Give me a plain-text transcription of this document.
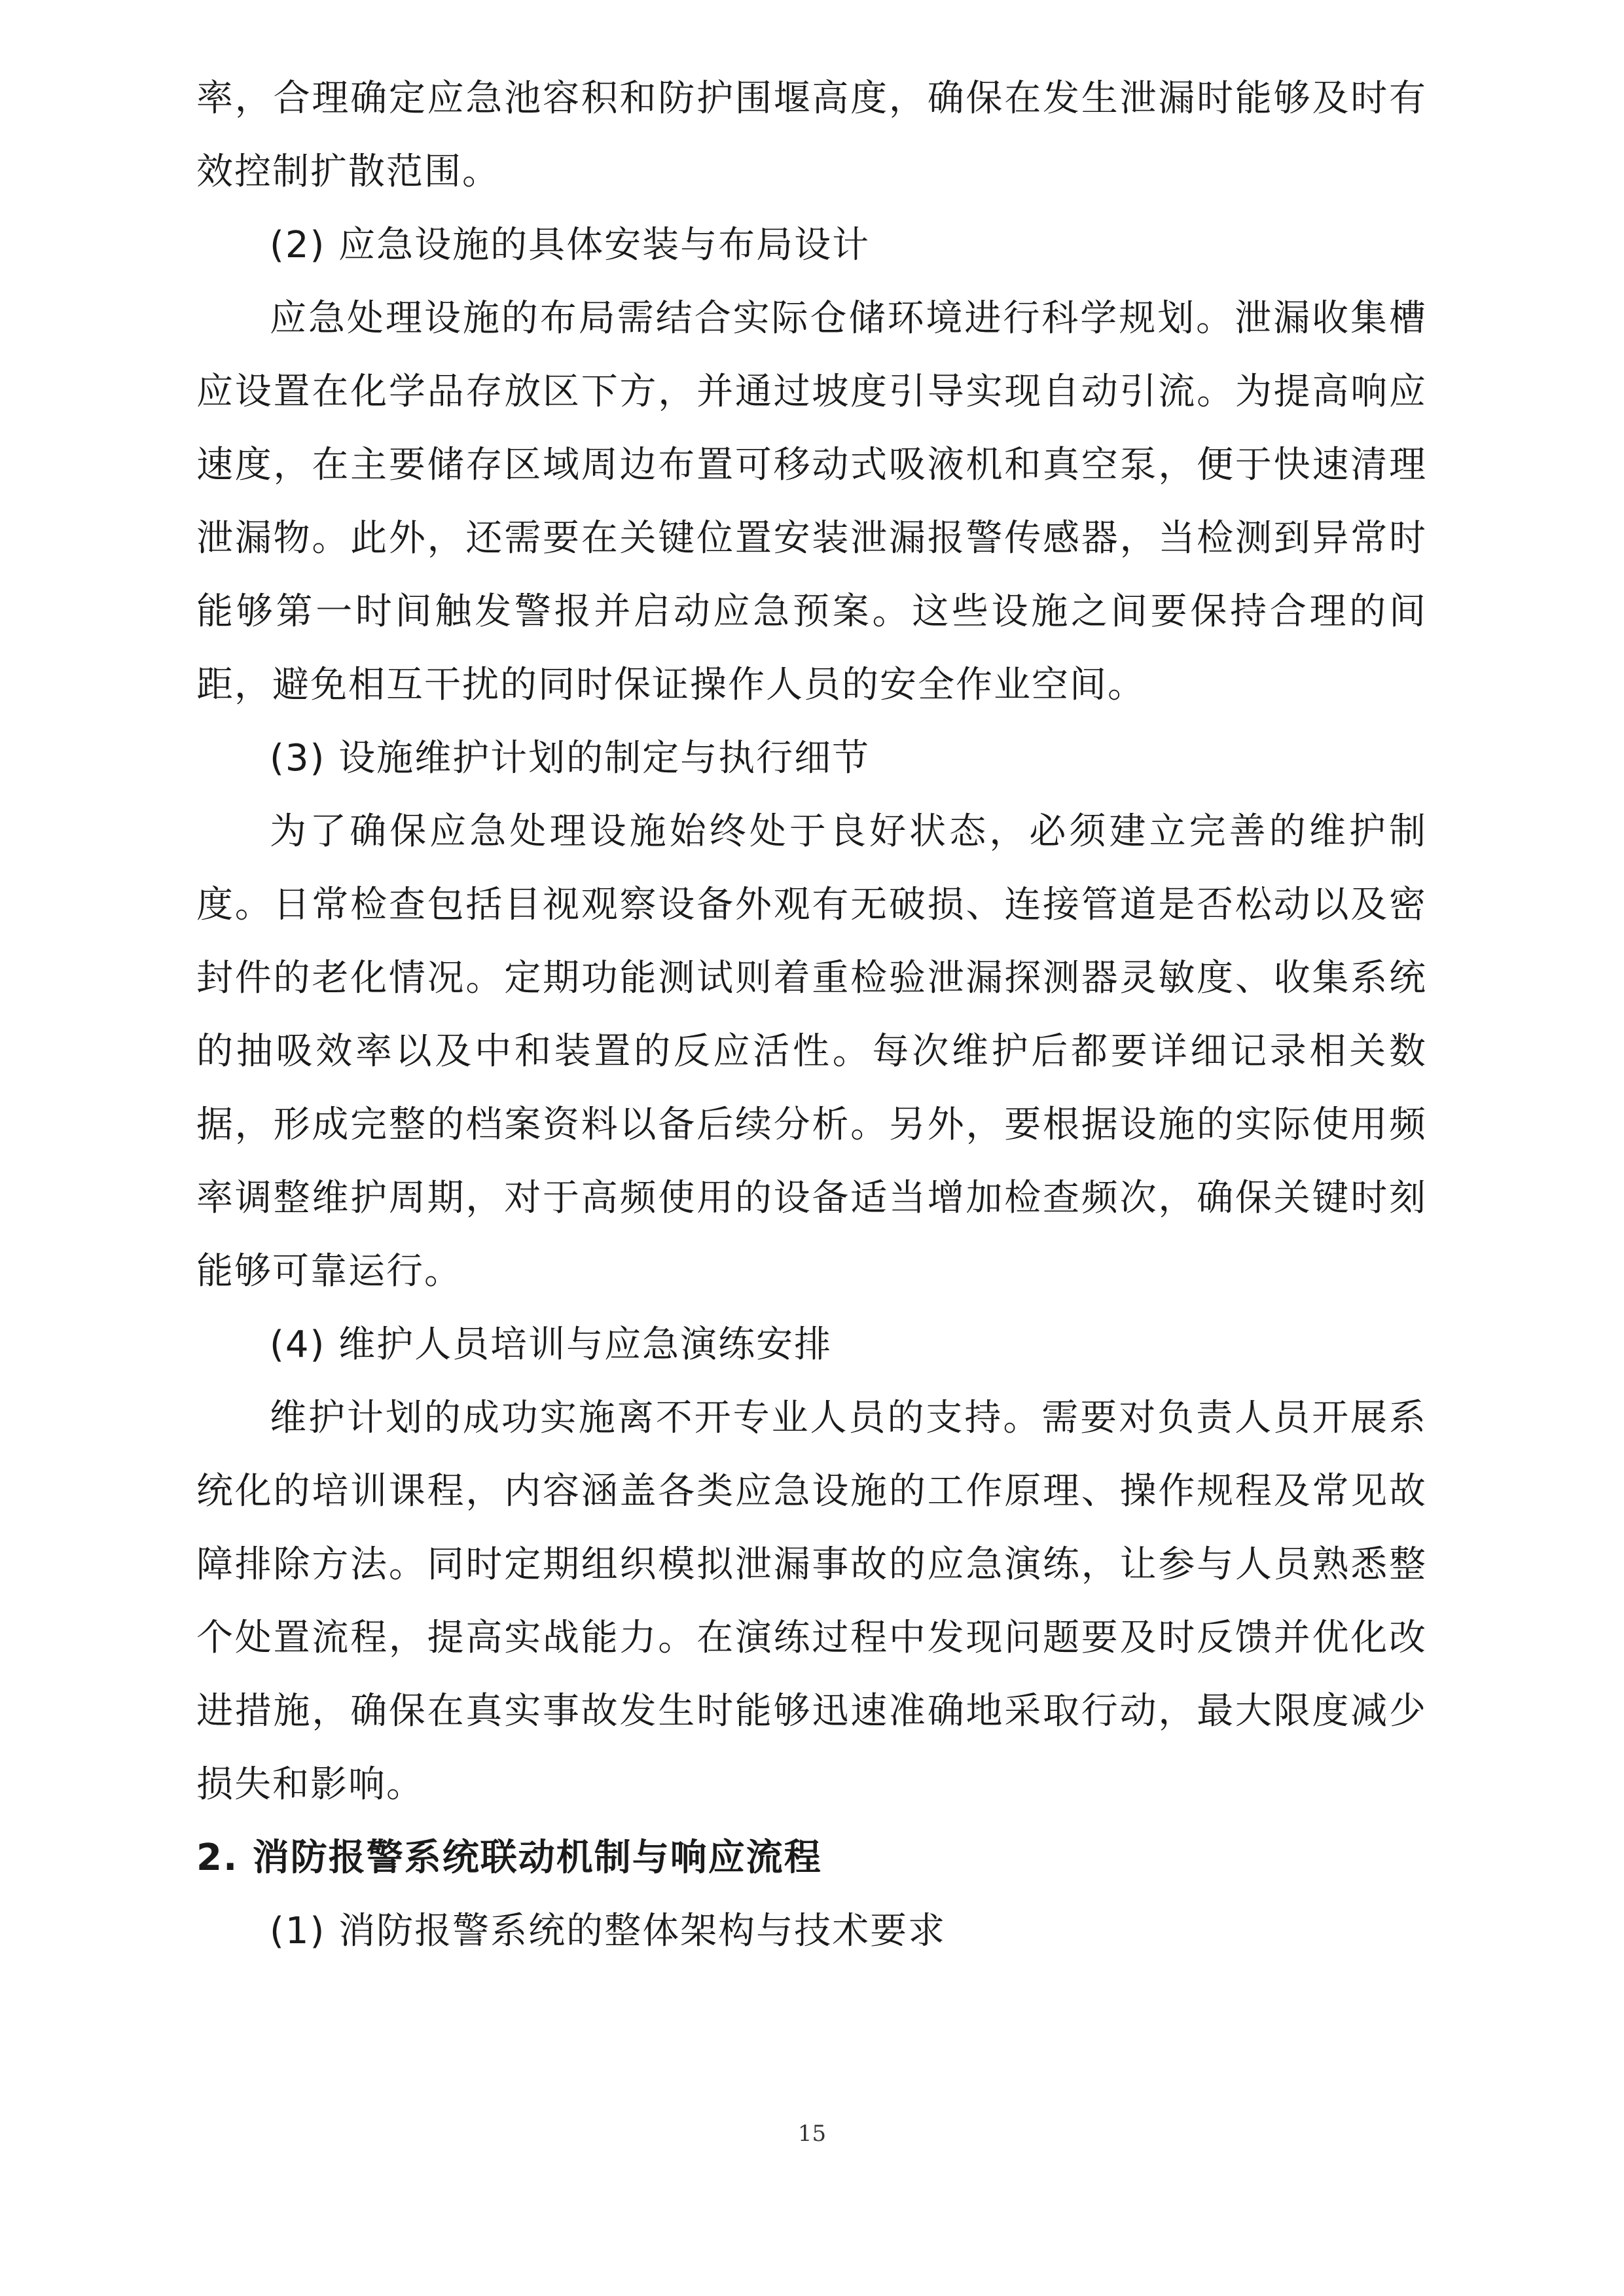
率，合理确定应急池容积和防护围堰高度，确保在发生泄漏时能够及时有效控制扩散范围。

(2) 应急设施的具体安装与布局设计

应急处理设施的布局需结合实际仓储环境进行科学规划。泄漏收集槽应设置在化学品存放区下方，并通过坡度引导实现自动引流。为提高响应速度，在主要储存区域周边布置可移动式吸液机和真空泵，便于快速清理泄漏物。此外，还需要在关键位置安装泄漏报警传感器，当检测到异常时能够第一时间触发警报并启动应急预案。这些设施之间要保持合理的间距，避免相互干扰的同时保证操作人员的安全作业空间。

(3) 设施维护计划的制定与执行细节

为了确保应急处理设施始终处于良好状态，必须建立完善的维护制度。日常检查包括目视观察设备外观有无破损、连接管道是否松动以及密封件的老化情况。定期功能测试则着重检验泄漏探测器灵敏度、收集系统的抽吸效率以及中和装置的反应活性。每次维护后都要详细记录相关数据，形成完整的档案资料以备后续分析。另外，要根据设施的实际使用频率调整维护周期，对于高频使用的设备适当增加检查频次，确保关键时刻能够可靠运行。

(4) 维护人员培训与应急演练安排

维护计划的成功实施离不开专业人员的支持。需要对负责人员开展系统化的培训课程，内容涵盖各类应急设施的工作原理、操作规程及常见故障排除方法。同时定期组织模拟泄漏事故的应急演练，让参与人员熟悉整个处置流程，提高实战能力。在演练过程中发现问题要及时反馈并优化改进措施，确保在真实事故发生时能够迅速准确地采取行动，最大限度减少损失和影响。

2. 消防报警系统联动机制与响应流程

(1) 消防报警系统的整体架构与技术要求

15
